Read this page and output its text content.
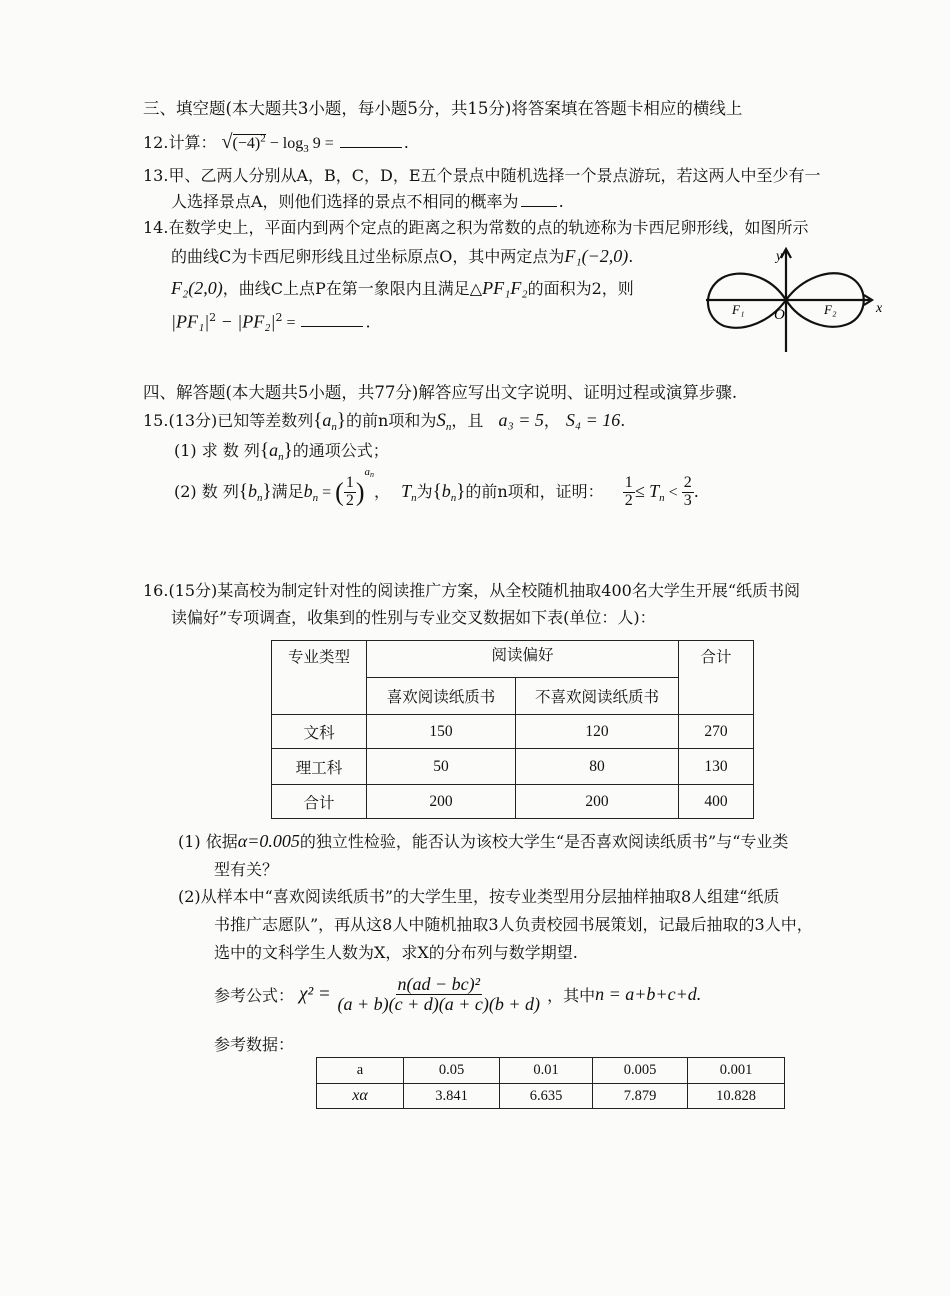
三、填空题(本大题共3小题，每小题5分，共15分)将答案填在答题卡相应的横线上
12.计算： $√(-4)^2 - \log_3 9$ =	.
13.甲、乙两人分别从A，B，C，D，E五个景点中随机选择一个景点游玩，若这两人中至少有一
人选择景点A，则他们选择的景点不相同的概率为	.
14.在数学史上，平面内到两个定点的距离之积为常数的点的轨迹称为卡西尼卵形线，如图所示
的曲线C为卡西尼卵形线且过坐标原点O，其中两定点为F₁(−2,0).
F₂(2,0)，曲线C上点P在第一象限内且满足△PF₁F₂的面积为2，则
$|PF_1|^2 - |PF_2|^2$ =	.
y
x
F₁ O	F₂
四、解答题(本大题共5小题，共77分)解答应写出文字说明、证明过程或演算步骤.
15.(13分)已知等差数列$\{a_n\}$的前n项和为$S_n$，且 a₃ = 5， S₄ = 16.
(1) 求 数 列$\{a_n\}$的通项公式；
(2) 数 列$\{b_n\}$满足$b_n$ = ( $\frac{1}{2} )^{an}$， $T_n$为$\{b_n\}$的前n项和，证明： $\frac{1}{2} \le T_n < \frac{2}{3}$ .
16.(15分)某高校为制定针对性的阅读推广方案，从全校随机抽取400名大学生开展“纸质书阅
读偏好”专项调查，收集到的性别与专业交叉数据如下表(单位：人)：
专业类型	阅读偏好		合计
	喜欢阅读纸质书	不喜欢阅读纸质书	
文科	150	120	270
理工科	50	80	130
合计	200	200	400
(1) 依据α=0.005的独立性检验，能否认为该校大学生“是否喜欢阅读纸质书”与“专业类
型有关？
(2)从样本中“喜欢阅读纸质书”的大学生里，按专业类型用分层抽样抽取8人组建“纸质
书推广志愿队”，再从这8人中随机抽取3人负责校园书展策划，记最后抽取的3人中，
选中的文科学生人数为X，求X的分布列与数学期望.
参考公式： $\chi^2 = \frac{\text{n(ad − bc)²}}{(a + b)(c + d)(a + c)(b + d)}$ ，其中n = a+b+c+d.
参考数据：
a	0.05	0.01	0.005	0.001
xα	3.841	6.635	7.879	10.828
